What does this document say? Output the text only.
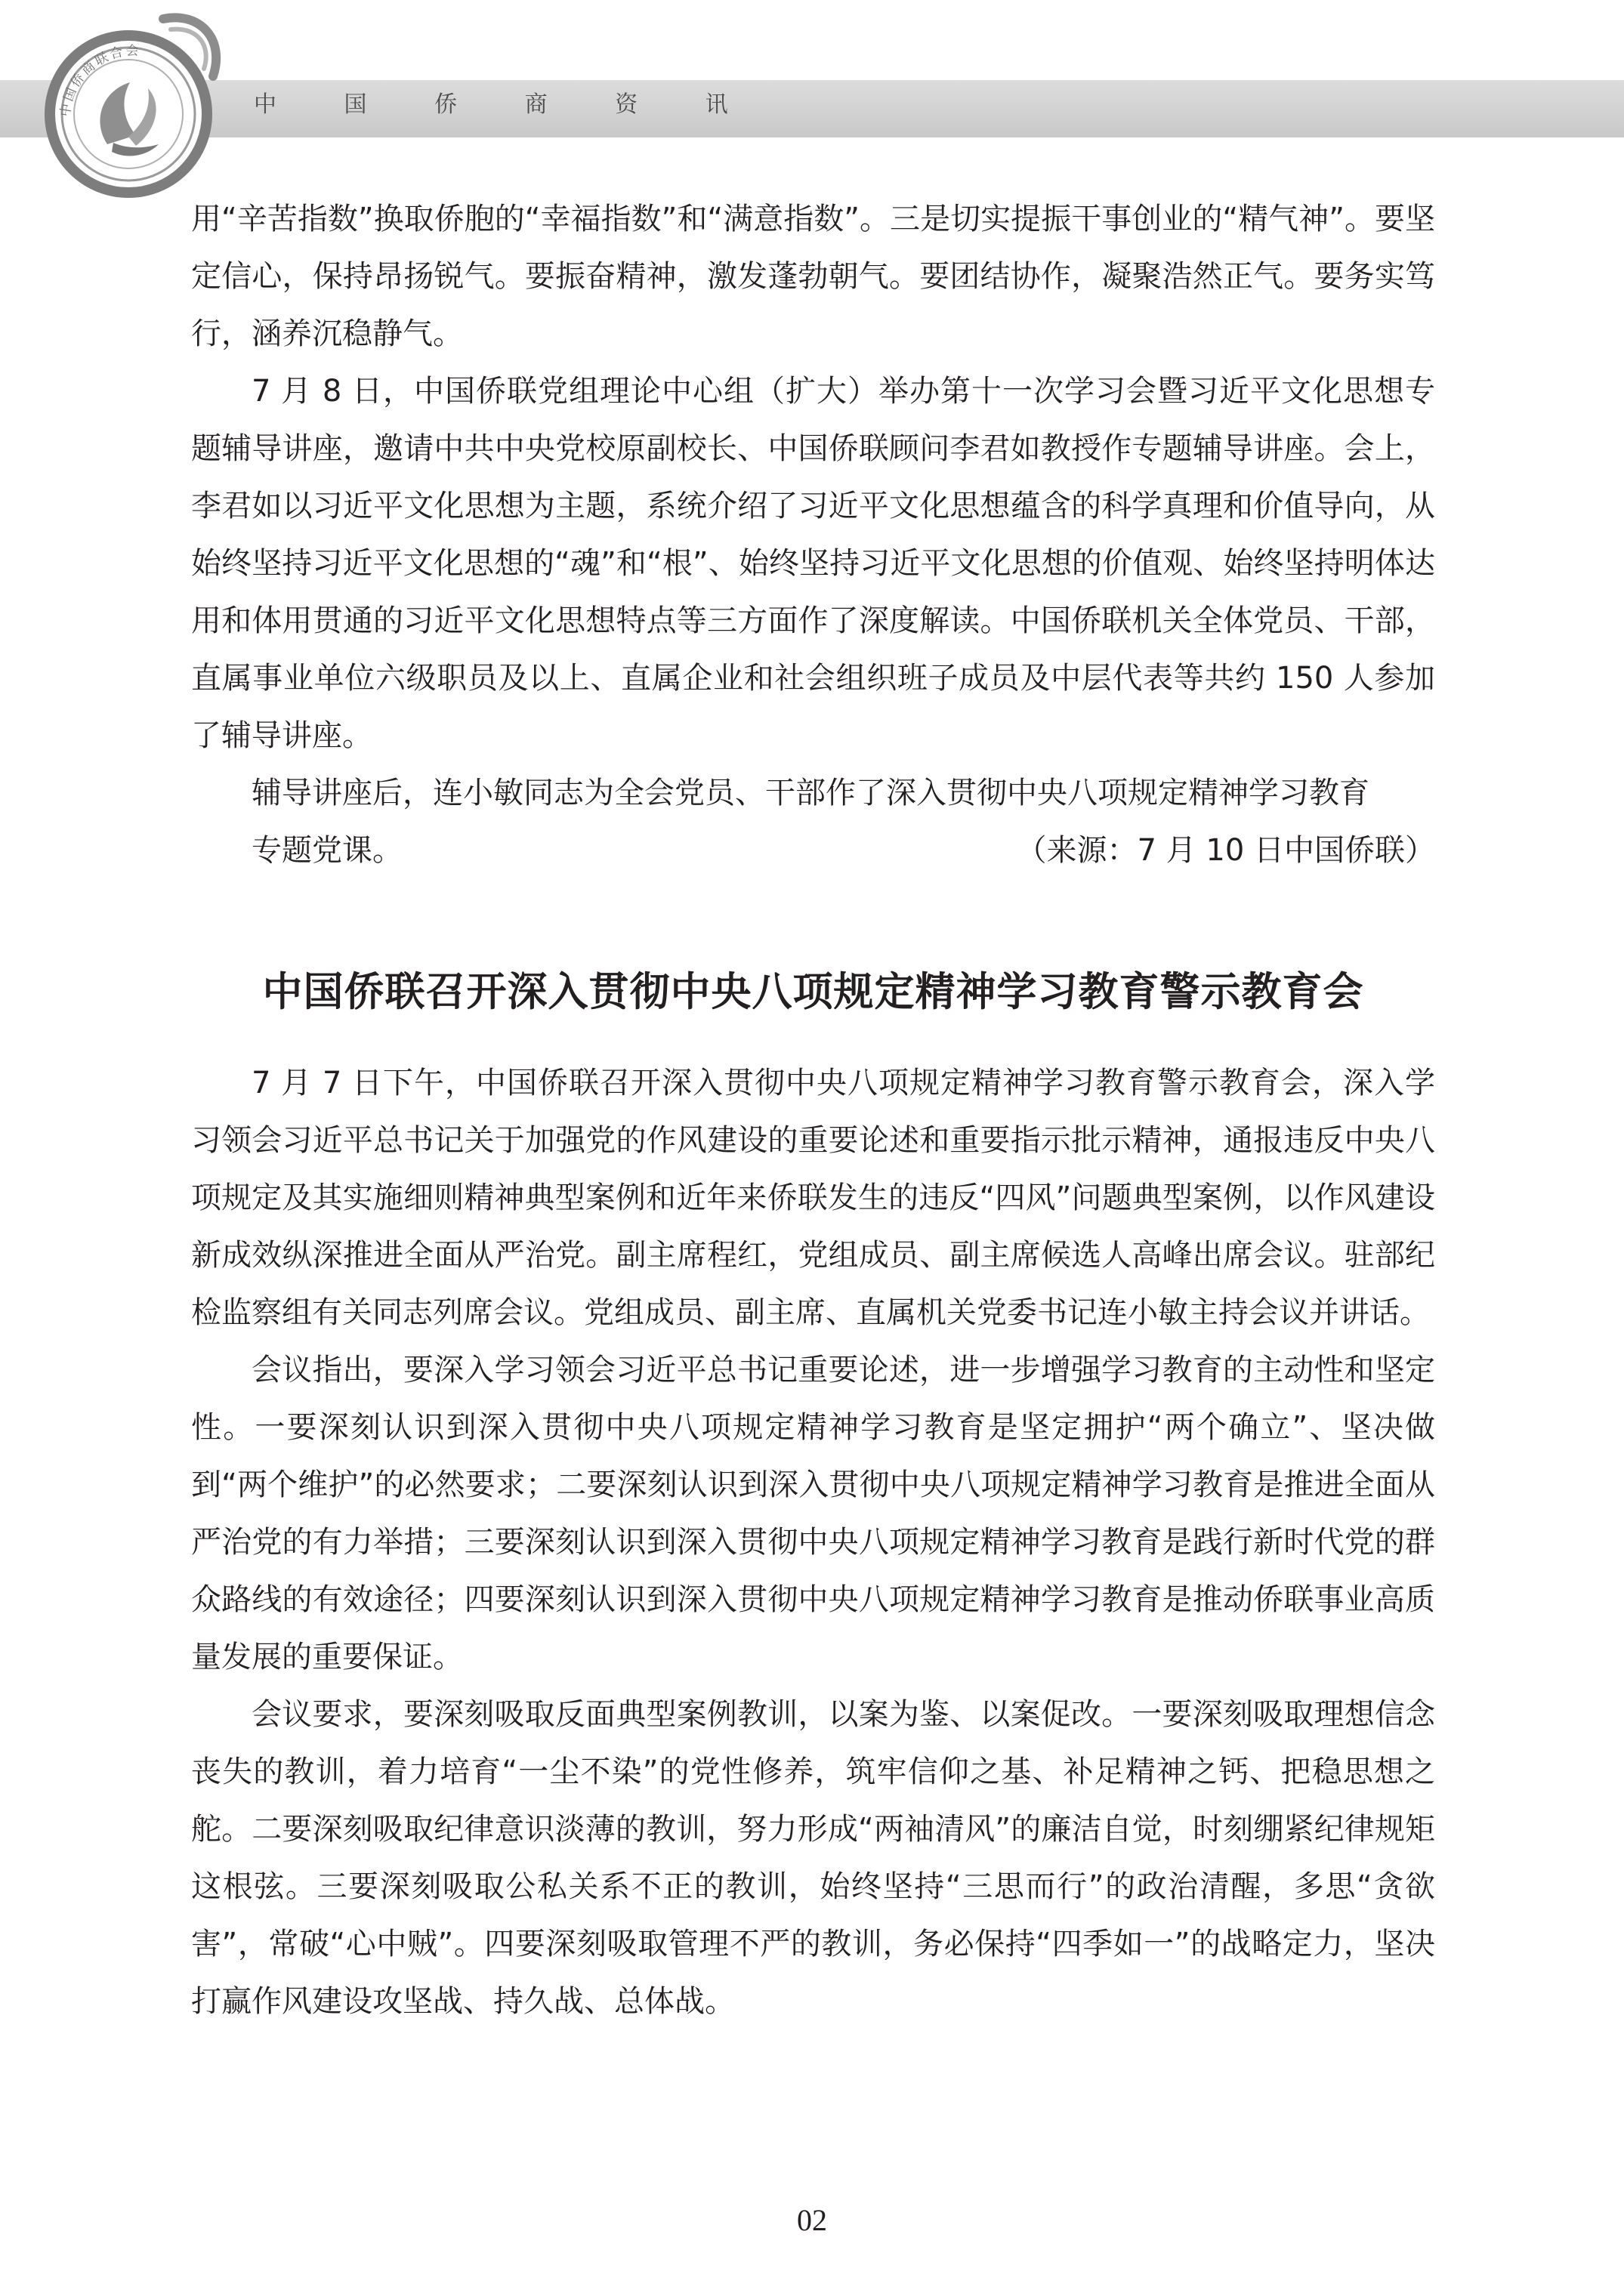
中国侨商联合会
中 国 侨 商 资 讯

用“辛苦指数”换取侨胞的“幸福指数”和“满意指数”。三是切实提振干事创业的“精气神”。要坚定信心，保持昂扬锐气。要振奋精神，激发蓬勃朝气。要团结协作，凝聚浩然正气。要务实笃行，涵养沉稳静气。

7 月 8 日，中国侨联党组理论中心组（扩大）举办第十一次学习会暨习近平文化思想专题辅导讲座，邀请中共中央党校原副校长、中国侨联顾问李君如教授作专题辅导讲座。会上，李君如以习近平文化思想为主题，系统介绍了习近平文化思想蕴含的科学真理和价值导向，从始终坚持习近平文化思想的“魂”和“根”、始终坚持习近平文化思想的价值观、始终坚持明体达用和体用贯通的习近平文化思想特点等三方面作了深度解读。中国侨联机关全体党员、干部，直属事业单位六级职员及以上、直属企业和社会组织班子成员及中层代表等共约 150 人参加了辅导讲座。

辅导讲座后，连小敏同志为全会党员、干部作了深入贯彻中央八项规定精神学习教育

专题党课。	（来源：7 月 10 日中国侨联）

中国侨联召开深入贯彻中央八项规定精神学习教育警示教育会

7 月 7 日下午，中国侨联召开深入贯彻中央八项规定精神学习教育警示教育会，深入学习领会习近平总书记关于加强党的作风建设的重要论述和重要指示批示精神，通报违反中央八项规定及其实施细则精神典型案例和近年来侨联发生的违反“四风”问题典型案例，以作风建设新成效纵深推进全面从严治党。副主席程红，党组成员、副主席候选人高峰出席会议。驻部纪检监察组有关同志列席会议。党组成员、副主席、直属机关党委书记连小敏主持会议并讲话。

会议指出，要深入学习领会习近平总书记重要论述，进一步增强学习教育的主动性和坚定性。一要深刻认识到深入贯彻中央八项规定精神学习教育是坚定拥护“两个确立”、坚决做到“两个维护”的必然要求；二要深刻认识到深入贯彻中央八项规定精神学习教育是推进全面从严治党的有力举措；三要深刻认识到深入贯彻中央八项规定精神学习教育是践行新时代党的群众路线的有效途径；四要深刻认识到深入贯彻中央八项规定精神学习教育是推动侨联事业高质量发展的重要保证。

会议要求，要深刻吸取反面典型案例教训，以案为鉴、以案促改。一要深刻吸取理想信念丧失的教训，着力培育“一尘不染”的党性修养，筑牢信仰之基、补足精神之钙、把稳思想之舵。二要深刻吸取纪律意识淡薄的教训，努力形成“两袖清风”的廉洁自觉，时刻绷紧纪律规矩这根弦。三要深刻吸取公私关系不正的教训，始终坚持“三思而行”的政治清醒，多思“贪欲害”，常破“心中贼”。四要深刻吸取管理不严的教训，务必保持“四季如一”的战略定力，坚决打赢作风建设攻坚战、持久战、总体战。

02
